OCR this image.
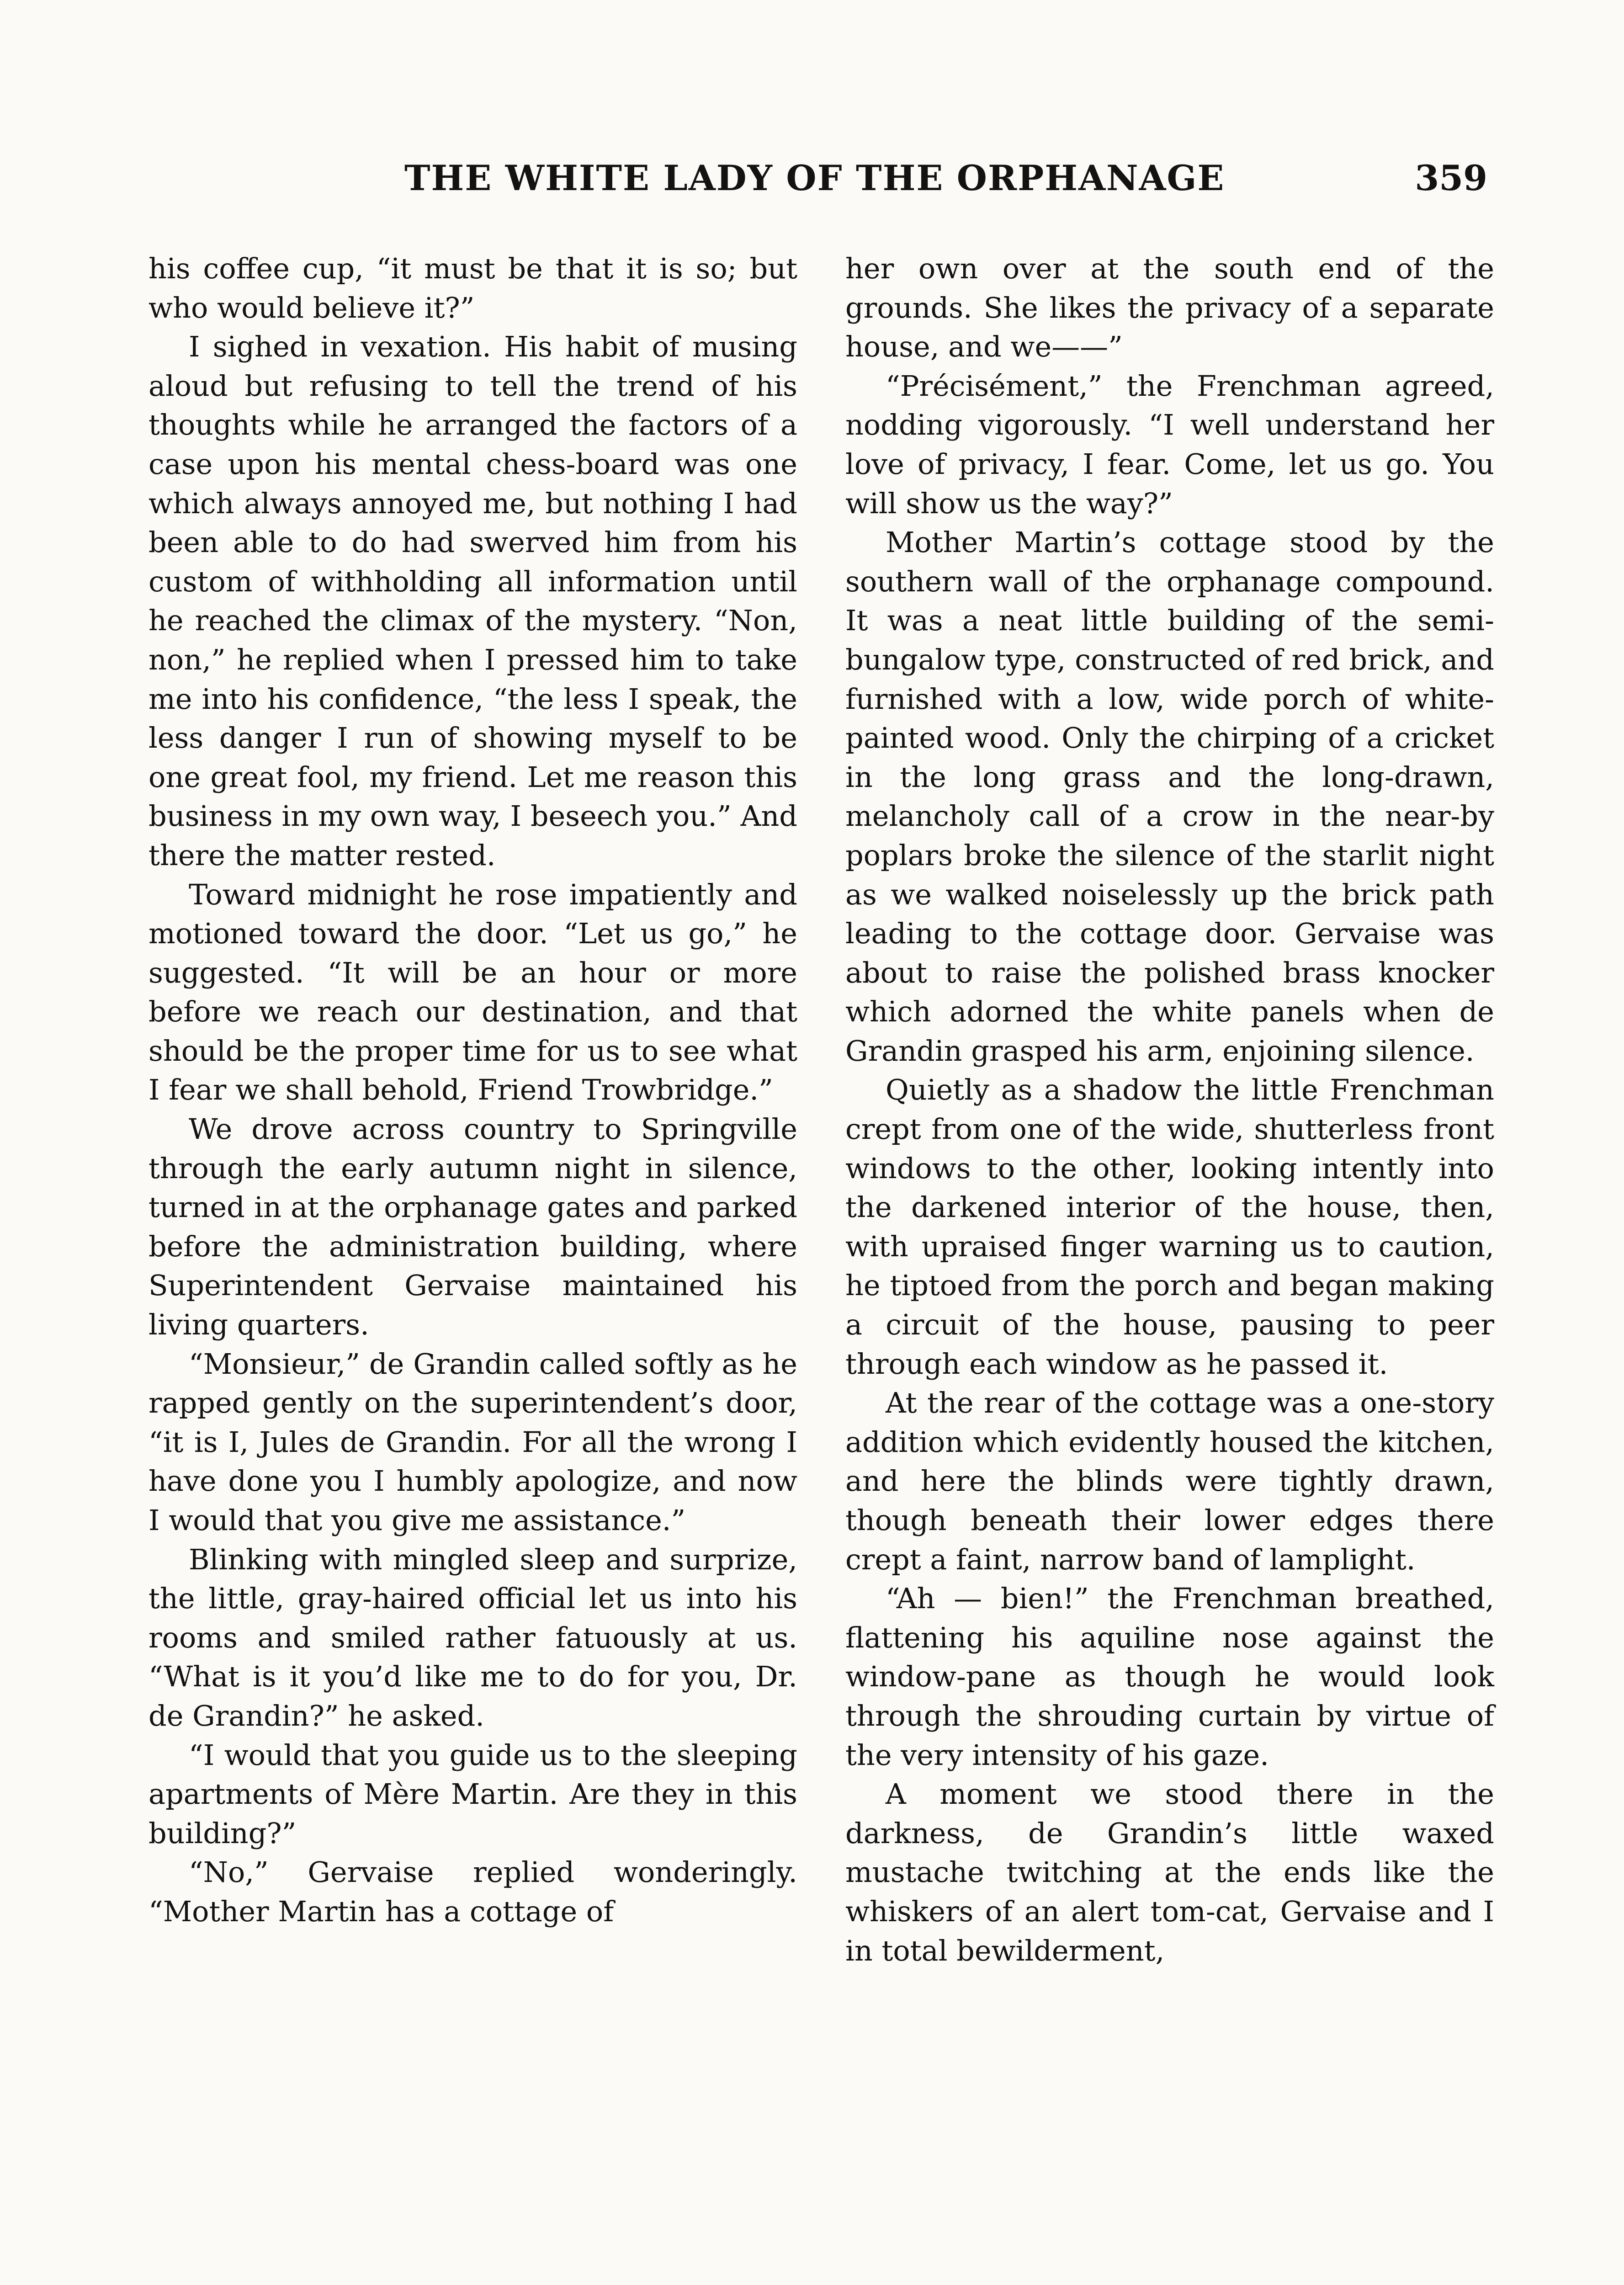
THE WHITE LADY OF THE ORPHANAGE	359

his coffee cup, “it must be that it is so; but who would believe it?”

I sighed in vexation. His habit of musing aloud but refusing to tell the trend of his thoughts while he arranged the factors of a case upon his mental chess-board was one which always annoyed me, but nothing I had been able to do had swerved him from his custom of withholding all information until he reached the climax of the mystery. “Non, non,” he replied when I pressed him to take me into his confidence, “the less I speak, the less danger I run of showing myself to be one great fool, my friend. Let me reason this business in my own way, I beseech you.” And there the matter rested.

Toward midnight he rose impatiently and motioned toward the door. “Let us go,” he suggested. “It will be an hour or more before we reach our destination, and that should be the proper time for us to see what I fear we shall behold, Friend Trowbridge.”

We drove across country to Springville through the early autumn night in silence, turned in at the orphanage gates and parked before the administration building, where Superintendent Gervaise maintained his living quarters.

“Monsieur,” de Grandin called softly as he rapped gently on the superintendent’s door, “it is I, Jules de Grandin. For all the wrong I have done you I humbly apologize, and now I would that you give me assistance.”

Blinking with mingled sleep and surprize, the little, gray-haired official let us into his rooms and smiled rather fatuously at us. “What is it you’d like me to do for you, Dr. de Grandin?” he asked.

“I would that you guide us to the sleeping apartments of Mère Martin. Are they in this building?”

“No,” Gervaise replied wonderingly. “Mother Martin has a cottage of

her own over at the south end of the grounds. She likes the privacy of a separate house, and we——”

“Précisément,” the Frenchman agreed, nodding vigorously. “I well understand her love of privacy, I fear. Come, let us go. You will show us the way?”

Mother Martin’s cottage stood by the southern wall of the orphanage compound. It was a neat little building of the semi-bungalow type, constructed of red brick, and furnished with a low, wide porch of white-painted wood. Only the chirping of a cricket in the long grass and the long-drawn, melancholy call of a crow in the near-by poplars broke the silence of the starlit night as we walked noiselessly up the brick path leading to the cottage door. Gervaise was about to raise the polished brass knocker which adorned the white panels when de Grandin grasped his arm, enjoining silence.

Quietly as a shadow the little Frenchman crept from one of the wide, shutterless front windows to the other, looking intently into the darkened interior of the house, then, with upraised finger warning us to caution, he tiptoed from the porch and began making a circuit of the house, pausing to peer through each window as he passed it.

At the rear of the cottage was a one-story addition which evidently housed the kitchen, and here the blinds were tightly drawn, though beneath their lower edges there crept a faint, narrow band of lamplight.

“Ah — bien!” the Frenchman breathed, flattening his aquiline nose against the window-pane as though he would look through the shrouding curtain by virtue of the very intensity of his gaze.

A moment we stood there in the darkness, de Grandin’s little waxed mustache twitching at the ends like the whiskers of an alert tom-cat, Gervaise and I in total bewilderment,
